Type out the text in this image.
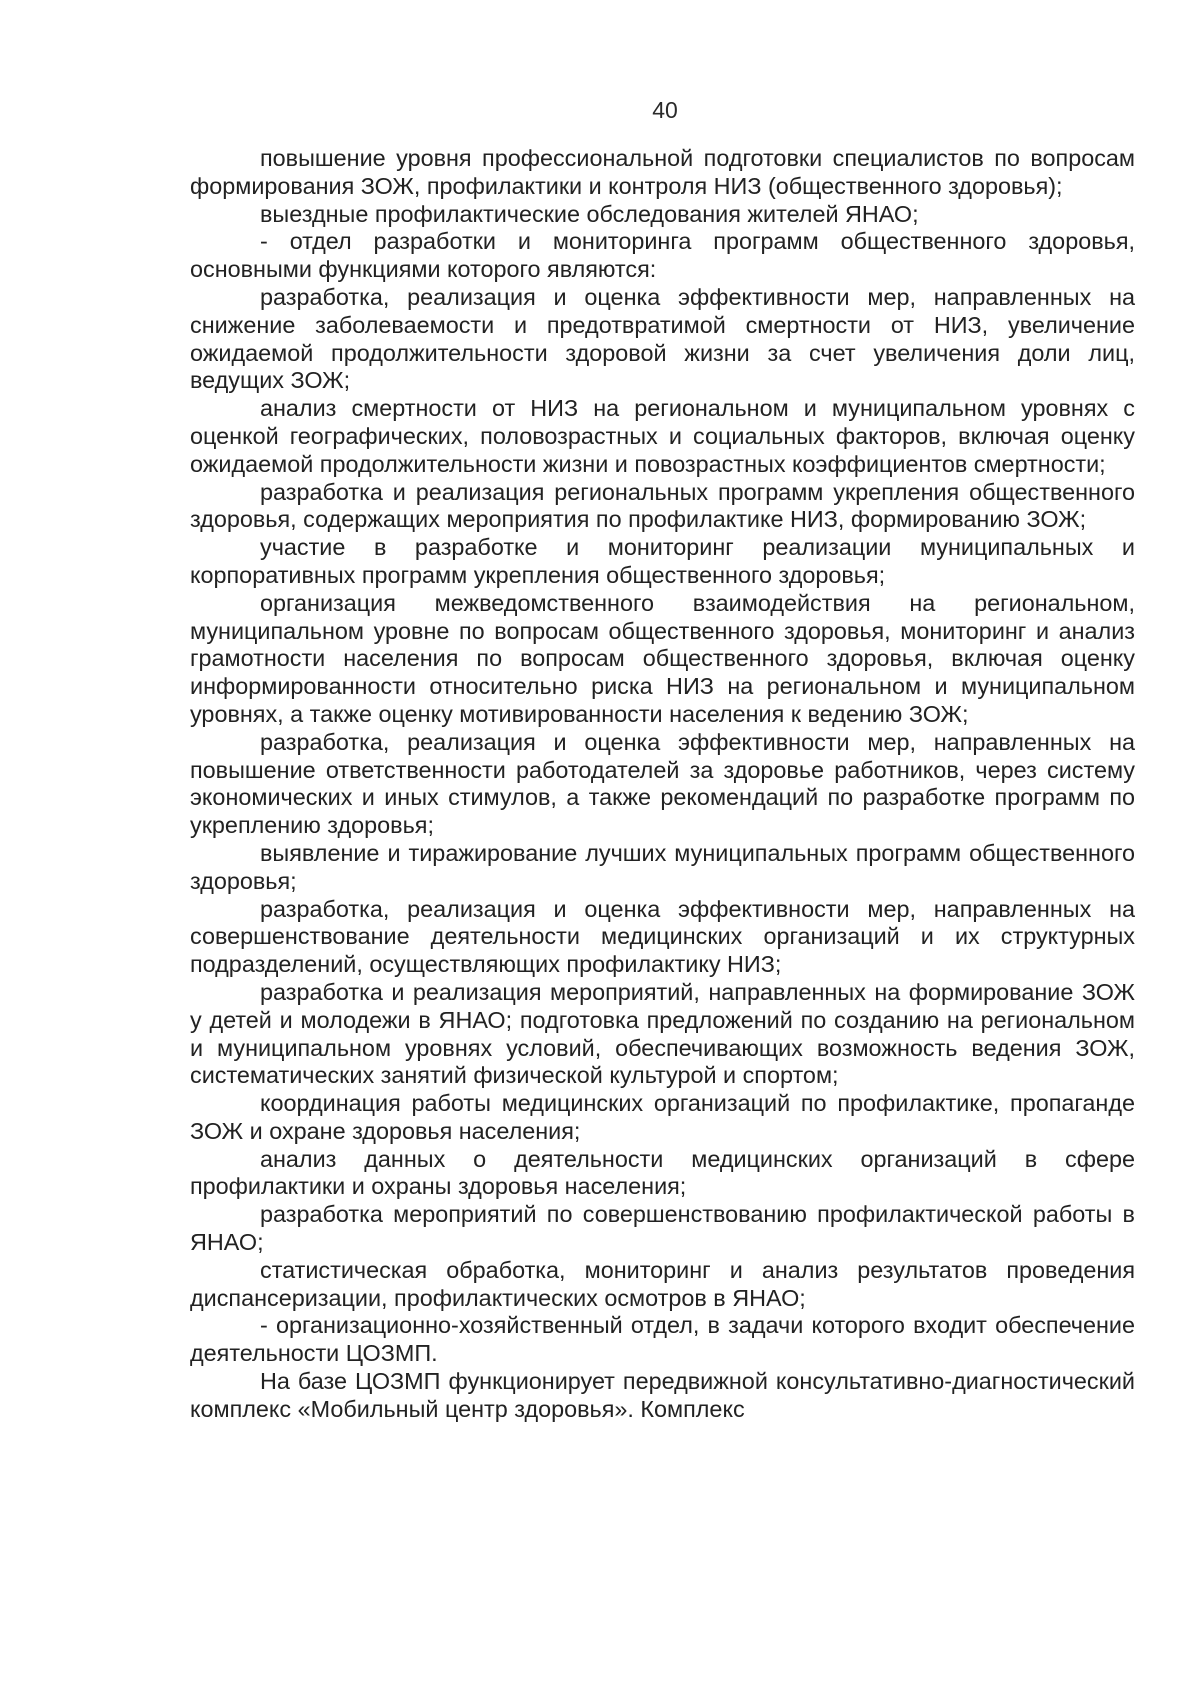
40

повышение уровня профессиональной подготовки специалистов по вопросам формирования ЗОЖ, профилактики и контроля НИЗ (общественного здоровья);

выездные профилактические обследования жителей ЯНАО;

- отдел разработки и мониторинга программ общественного здоровья, основными функциями которого являются:

разработка, реализация и оценка эффективности мер, направленных на снижение заболеваемости и предотвратимой смертности от НИЗ, увеличение ожидаемой продолжительности здоровой жизни за счет увеличения доли лиц, ведущих ЗОЖ;

анализ смертности от НИЗ на региональном и муниципальном уровнях с оценкой географических, половозрастных и социальных факторов, включая оценку ожидаемой продолжительности жизни и повозрастных коэффициентов смертности;

разработка и реализация региональных программ укрепления общественного здоровья, содержащих мероприятия по профилактике НИЗ, формированию ЗОЖ;

участие в разработке и мониторинг реализации муниципальных и корпоративных программ укрепления общественного здоровья;

организация межведомственного взаимодействия на региональном, муниципальном уровне по вопросам общественного здоровья, мониторинг и анализ грамотности населения по вопросам общественного здоровья, включая оценку информированности относительно риска НИЗ на региональном и муниципальном уровнях, а также оценку мотивированности населения к ведению ЗОЖ;

разработка, реализация и оценка эффективности мер, направленных на повышение ответственности работодателей за здоровье работников, через систему экономических и иных стимулов, а также рекомендаций по разработке программ по укреплению здоровья;

выявление и тиражирование лучших муниципальных программ общественного здоровья;

разработка, реализация и оценка эффективности мер, направленных на совершенствование деятельности медицинских организаций и их структурных подразделений, осуществляющих профилактику НИЗ;

разработка и реализация мероприятий, направленных на формирование ЗОЖ у детей и молодежи в ЯНАО; подготовка предложений по созданию на региональном и муниципальном уровнях условий, обеспечивающих возможность ведения ЗОЖ, систематических занятий физической культурой и спортом;

координация работы медицинских организаций по профилактике, пропаганде ЗОЖ и охране здоровья населения;

анализ данных о деятельности медицинских организаций в сфере профилактики и охраны здоровья населения;

разработка мероприятий по совершенствованию профилактической работы в ЯНАО;

статистическая обработка, мониторинг и анализ результатов проведения диспансеризации, профилактических осмотров в ЯНАО;

- организационно-хозяйственный отдел, в задачи которого входит обеспечение деятельности ЦОЗМП.

На базе ЦОЗМП функционирует передвижной консультативно-диагностический комплекс «Мобильный центр здоровья». Комплекс
